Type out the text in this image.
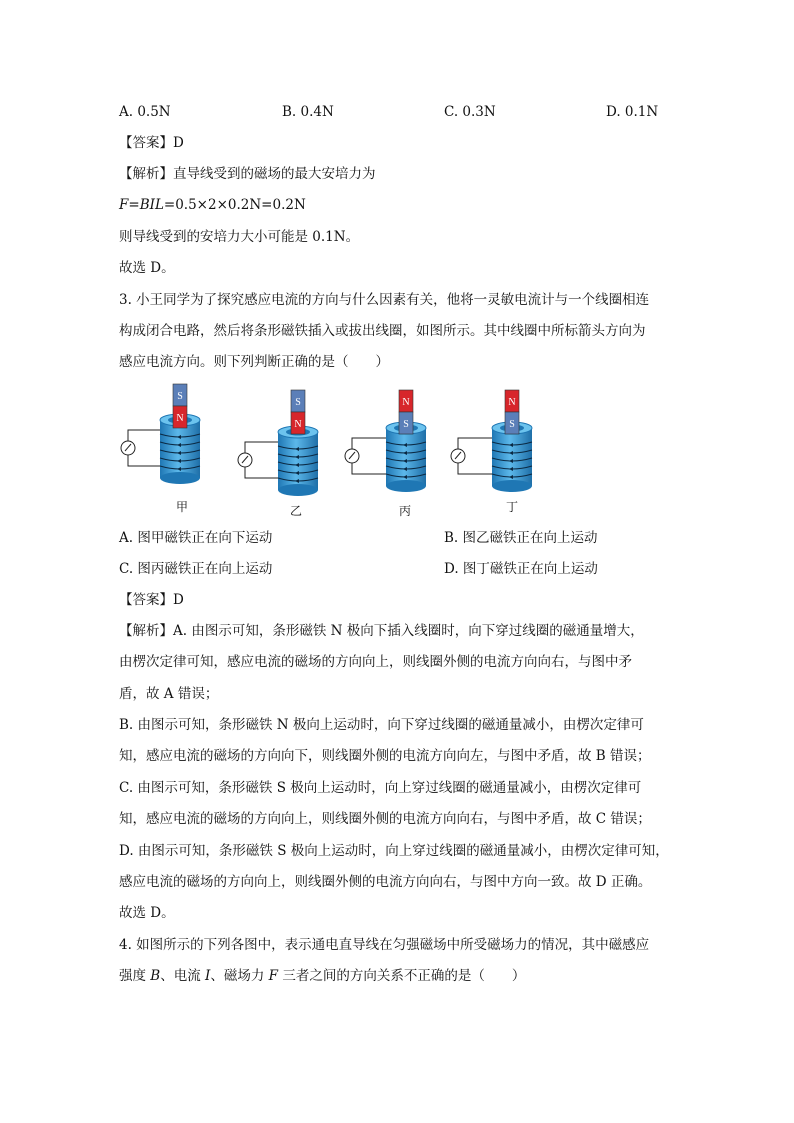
A. 0.5N	B. 0.4N	C. 0.3N	D. 0.1N
【答案】D
【解析】直导线受到的磁场的最大安培力为
F=BIL=0.5×2×0.2N=0.2N
则导线受到的安培力大小可能是 0.1N。
故选 D。
3. 小王同学为了探究感应电流的方向与什么因素有关，他将一灵敏电流计与一个线圈相连
构成闭合电路，然后将条形磁铁插入或拔出线圈，如图所示。其中线圈中所标箭头方向为
感应电流方向。则下列判断正确的是（　　）
S
N
S
N
N
S
N
S
甲	乙	丙	丁
A. 图甲磁铁正在向下运动	B. 图乙磁铁正在向上运动
C. 图丙磁铁正在向上运动	D. 图丁磁铁正在向上运动
【答案】D
【解析】A. 由图示可知，条形磁铁 N 极向下插入线圈时，向下穿过线圈的磁通量增大，
由楞次定律可知，感应电流的磁场的方向向上，则线圈外侧的电流方向向右，与图中矛
盾，故 A 错误；
B. 由图示可知，条形磁铁 N 极向上运动时，向下穿过线圈的磁通量减小，由楞次定律可
知，感应电流的磁场的方向向下，则线圈外侧的电流方向向左，与图中矛盾，故 B 错误；
C. 由图示可知，条形磁铁 S 极向上运动时，向上穿过线圈的磁通量减小，由楞次定律可
知，感应电流的磁场的方向向上，则线圈外侧的电流方向向右，与图中矛盾，故 C 错误；
D. 由图示可知，条形磁铁 S 极向上运动时，向上穿过线圈的磁通量减小，由楞次定律可知，
感应电流的磁场的方向向上，则线圈外侧的电流方向向右，与图中方向一致。故 D 正确。
故选 D。
4. 如图所示的下列各图中，表示通电直导线在匀强磁场中所受磁场力的情况，其中磁感应
强度 B、电流 I、磁场力 F 三者之间的方向关系不正确的是（　　）
